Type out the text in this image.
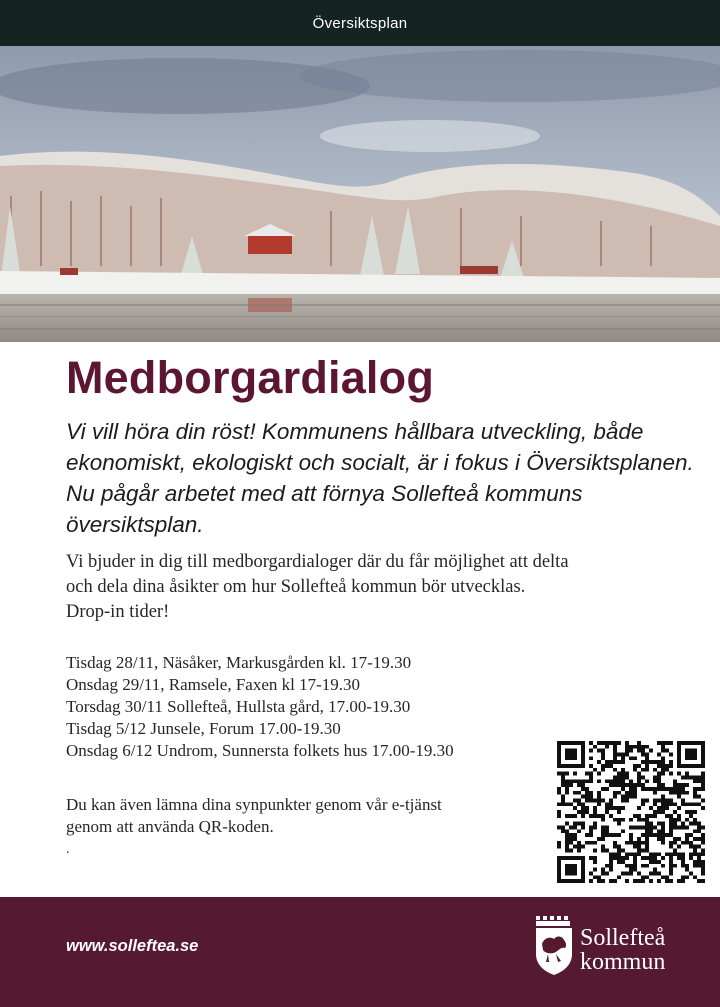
Översiktsplan
Medborgardialog

Vi vill höra din röst! Kommunens hållbara utveckling, både ekonomiskt, ekologiskt och socialt, är i fokus i Översiktsplanen. Nu pågår arbetet med att förnya Sollefteå kommuns översiktsplan.

Vi bjuder in dig till medborgardialoger där du får möjlighet att delta
och dela dina åsikter om hur Sollefteå kommun bör utvecklas.
Drop-in tider!

Tisdag 28/11, Näsåker, Markusgården kl. 17-19.30
Onsdag 29/11, Ramsele, Faxen kl 17-19.30
Torsdag 30/11 Sollefteå, Hullsta gård, 17.00-19.30
Tisdag 5/12 Junsele, Forum 17.00-19.30
Onsdag 6/12 Undrom, Sunnersta folkets hus 17.00-19.30

Du kan även lämna dina synpunkter genom vår e-tjänst
genom att använda QR-koden.

.
www.solleftea.se	Sollefteå
kommun
